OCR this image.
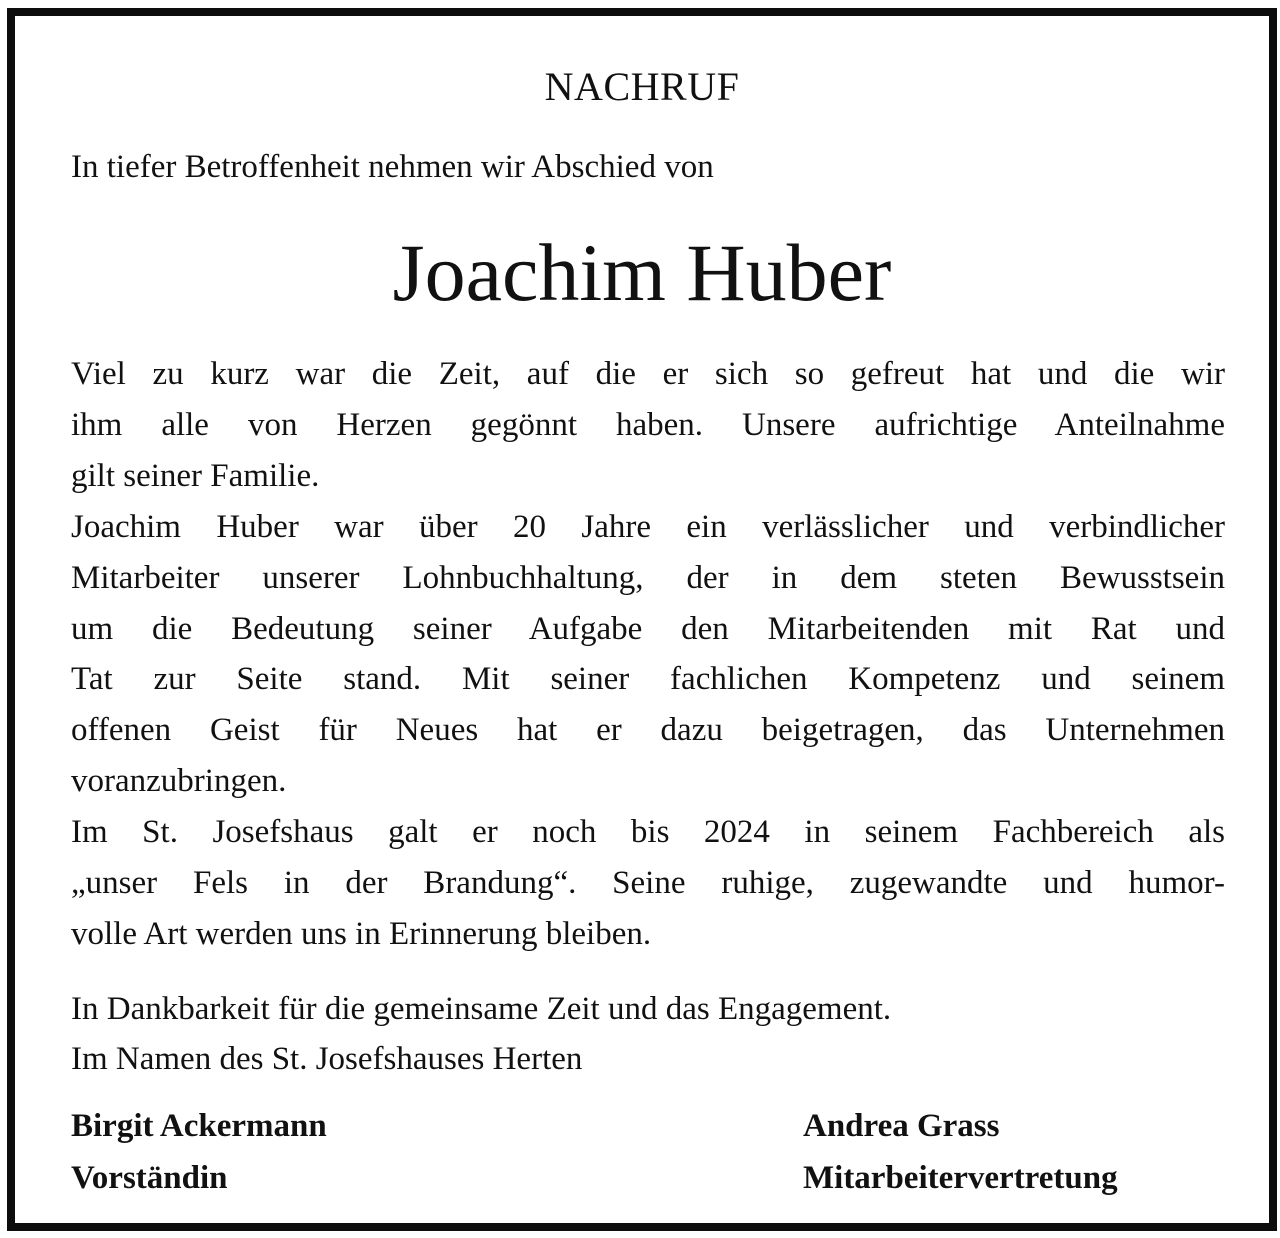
NACHRUF
In tiefer Betroffenheit nehmen wir Abschied von
Joachim Huber
Viel zu kurz war die Zeit, auf die er sich so gefreut hat und die wir
ihm alle von Herzen gegönnt haben. Unsere aufrichtige Anteilnahme
gilt seiner Familie.
Joachim Huber war über 20 Jahre ein verlässlicher und verbindlicher
Mitarbeiter unserer Lohnbuchhaltung, der in dem steten Bewusstsein
um die Bedeutung seiner Aufgabe den Mitarbeitenden mit Rat und
Tat zur Seite stand. Mit seiner fachlichen Kompetenz und seinem
offenen Geist für Neues hat er dazu beigetragen, das Unternehmen
voranzubringen.
Im St. Josefshaus galt er noch bis 2024 in seinem Fachbereich als
„unser Fels in der Brandung“. Seine ruhige, zugewandte und humor-
volle Art werden uns in Erinnerung bleiben.
In Dankbarkeit für die gemeinsame Zeit und das Engagement.
Im Namen des St. Josefshauses Herten
Birgit Ackermann
Vorständin
Andrea Grass
Mitarbeitervertretung
